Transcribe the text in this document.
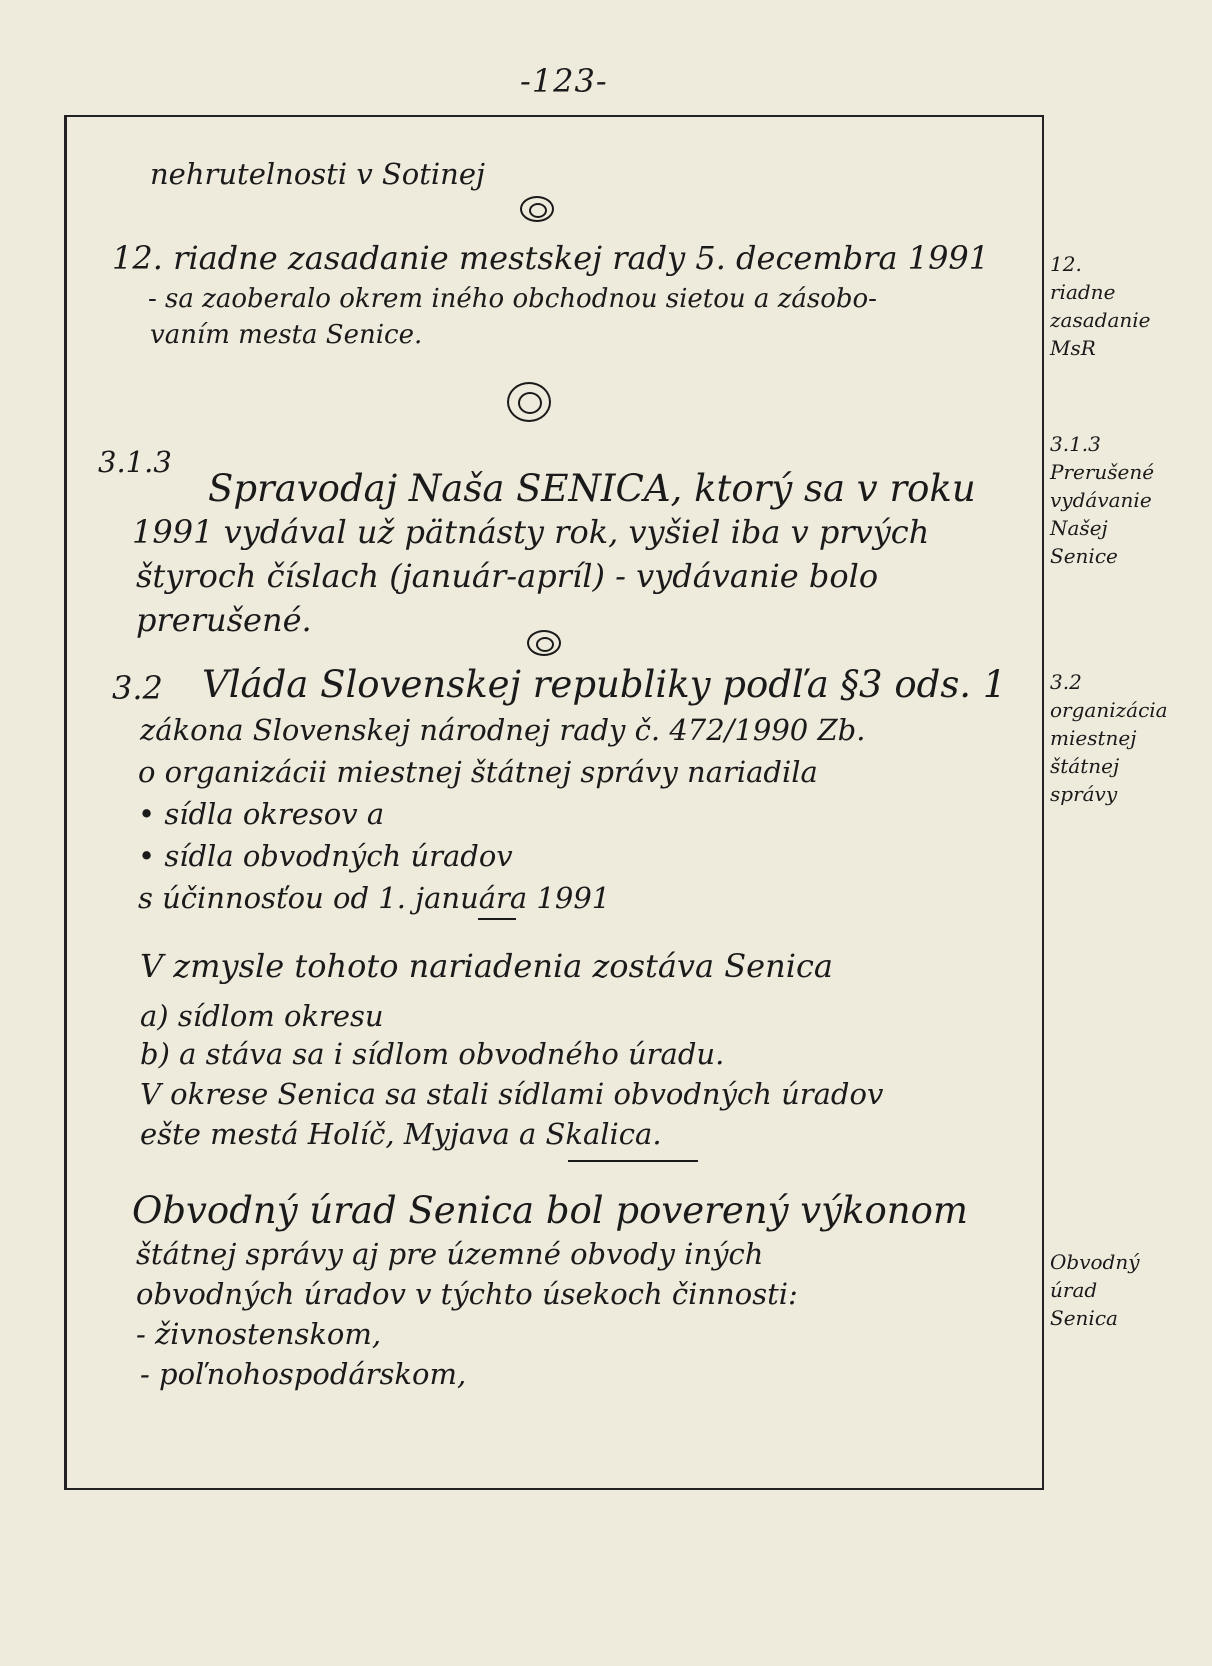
-123-
nehrutelnosti v Sotinej
12. riadne zasadanie mestskej rady 5. decembra 1991
- sa zaoberalo okrem iného obchodnou sietou a zásobo-
vaním mesta Senice.
3.1.3
Spravodaj Naša SENICA, ktorý sa v roku
1991 vydával už pätnásty rok, vyšiel iba v prvých
štyroch číslach (január-apríl) - vydávanie bolo
prerušené.
3.2 Vláda Slovenskej republiky podľa §3 ods. 1
zákona Slovenskej národnej rady č. 472/1990 Zb.
o organizácii miestnej štátnej správy nariadila
• sídla okresov a
• sídla obvodných úradov
s účinnosťou od 1. januára 1991
V zmysle tohoto nariadenia zostáva Senica
a) sídlom okresu
b) a stáva sa i sídlom obvodného úradu.
V okrese Senica sa stali sídlami obvodných úradov
ešte mestá Holíč, Myjava a Skalica.
Obvodný úrad Senica bol poverený výkonom
štátnej správy aj pre územné obvody iných
obvodných úradov v týchto úsekoch činnosti:
- živnostenskom,
- poľnohospodárskom,
12.
riadne
zasadanie
MsR
3.1.3
Prerušené
vydávanie
Našej
Senice
3.2
organizácia
miestnej
štátnej
správy
Obvodný
úrad
Senica
